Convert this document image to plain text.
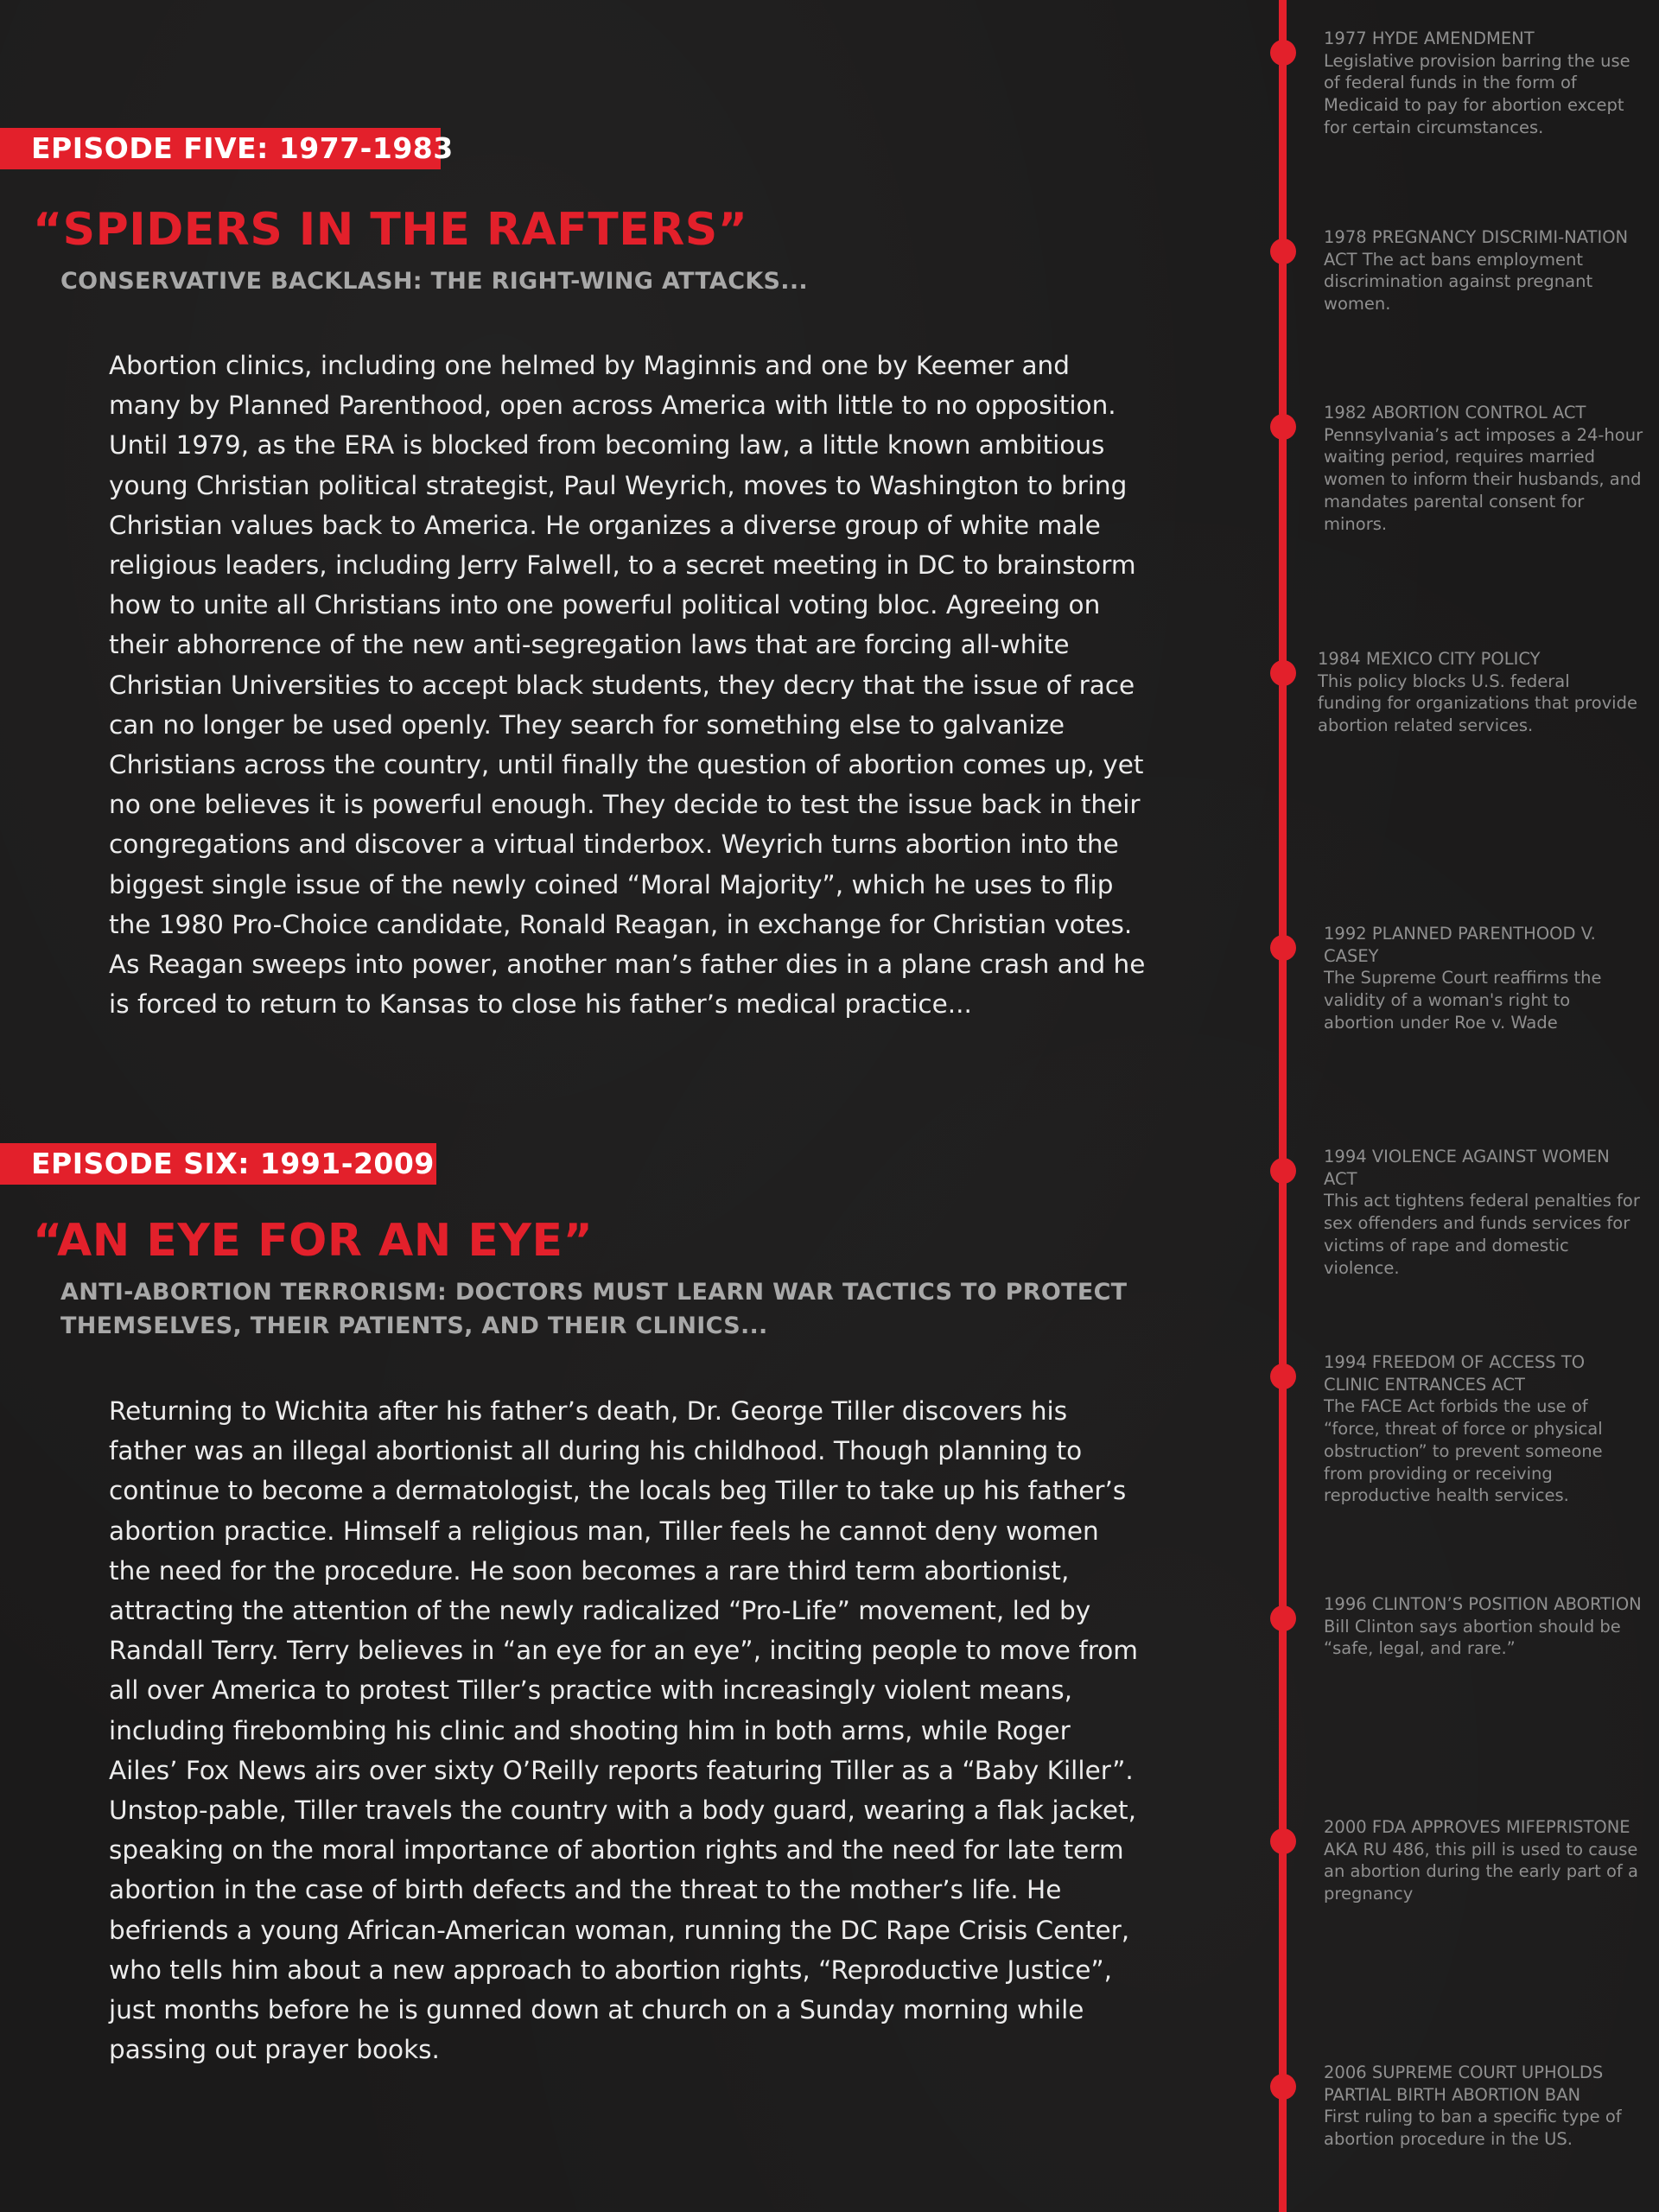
EPISODE FIVE: 1977-1983
“SPIDERS IN THE RAFTERS”
CONSERVATIVE BACKLASH: THE RIGHT-WING ATTACKS...

Abortion clinics, including one helmed by Maginnis and one by Keemer and many by Planned Parenthood, open across America with little to no opposition. Until 1979, as the ERA is blocked from becoming law, a little known ambitious young Christian political strategist, Paul Weyrich, moves to Washington to bring Christian values back to America. He organizes a diverse group of white male religious leaders, including Jerry Falwell, to a secret meeting in DC to brainstorm how to unite all Christians into one powerful political voting bloc. Agreeing on their abhorrence of the new anti-segregation laws that are forcing all-white Christian Universities to accept black students, they decry that the issue of race can no longer be used openly. They search for something else to galvanize Christians across the country, until finally the question of abortion comes up, yet no one believes it is powerful enough. They decide to test the issue back in their congregations and discover a virtual tinderbox. Weyrich turns abortion into the biggest single issue of the newly coined “Moral Majority”, which he uses to flip the 1980 Pro-Choice candidate, Ronald Reagan, in exchange for Christian votes. As Reagan sweeps into power, another man’s father dies in a plane crash and he is forced to return to Kansas to close his father’s medical practice...

EPISODE SIX: 1991-2009
“AN EYE FOR AN EYE”
ANTI-ABORTION TERRORISM: DOCTORS MUST LEARN WAR TACTICS TO PROTECT THEMSELVES, THEIR PATIENTS, AND THEIR CLINICS...

Returning to Wichita after his father’s death, Dr. George Tiller discovers his father was an illegal abortionist all during his childhood. Though planning to continue to become a dermatologist, the locals beg Tiller to take up his father’s abortion practice. Himself a religious man, Tiller feels he cannot deny women the need for the procedure. He soon becomes a rare third term abortionist, attracting the attention of the newly radicalized “Pro-Life” movement, led by Randall Terry. Terry believes in “an eye for an eye”, inciting people to move from all over America to protest Tiller’s practice with increasingly violent means, including firebombing his clinic and shooting him in both arms, while Roger Ailes’ Fox News airs over sixty O’Reilly reports featuring Tiller as a “Baby Killer”. Unstop-pable, Tiller travels the country with a body guard, wearing a flak jacket, speaking on the moral importance of abortion rights and the need for late term abortion in the case of birth defects and the threat to the mother’s life. He befriends a young African-American woman, running the DC Rape Crisis Center, who tells him about a new approach to abortion rights, “Reproductive Justice”, just months before he is gunned down at church on a Sunday morning while passing out prayer books.

1977 HYDE AMENDMENT
Legislative provision barring the use of federal funds in the form of Medicaid to pay for abortion except for certain circumstances.
1978 PREGNANCY DISCRIMI-NATION ACT The act bans employment discrimination against pregnant women.
1982 ABORTION CONTROL ACT Pennsylvania’s act imposes a 24-hour waiting period, requires married women to inform their husbands, and mandates parental consent for minors.
1984 MEXICO CITY POLICY
This policy blocks U.S. federal funding for organizations that provide abortion related services.
1992 PLANNED PARENTHOOD V. CASEY
The Supreme Court reaffirms the validity of a woman's right to abortion under Roe v. Wade
1994 VIOLENCE AGAINST WOMEN ACT
This act tightens federal penalties for sex offenders and funds services for victims of rape and domestic violence.
1994 FREEDOM OF ACCESS TO CLINIC ENTRANCES ACT
The FACE Act forbids the use of “force, threat of force or physical obstruction” to prevent someone from providing or receiving reproductive health services.
1996 CLINTON’S POSITION ABORTION
Bill Clinton says abortion should be “safe, legal, and rare.”
2000 FDA APPROVES MIFEPRISTONE
AKA RU 486, this pill is used to cause an abortion during the early part of a pregnancy
2006 SUPREME COURT UPHOLDS PARTIAL BIRTH ABORTION BAN
First ruling to ban a specific type of abortion procedure in the US.
